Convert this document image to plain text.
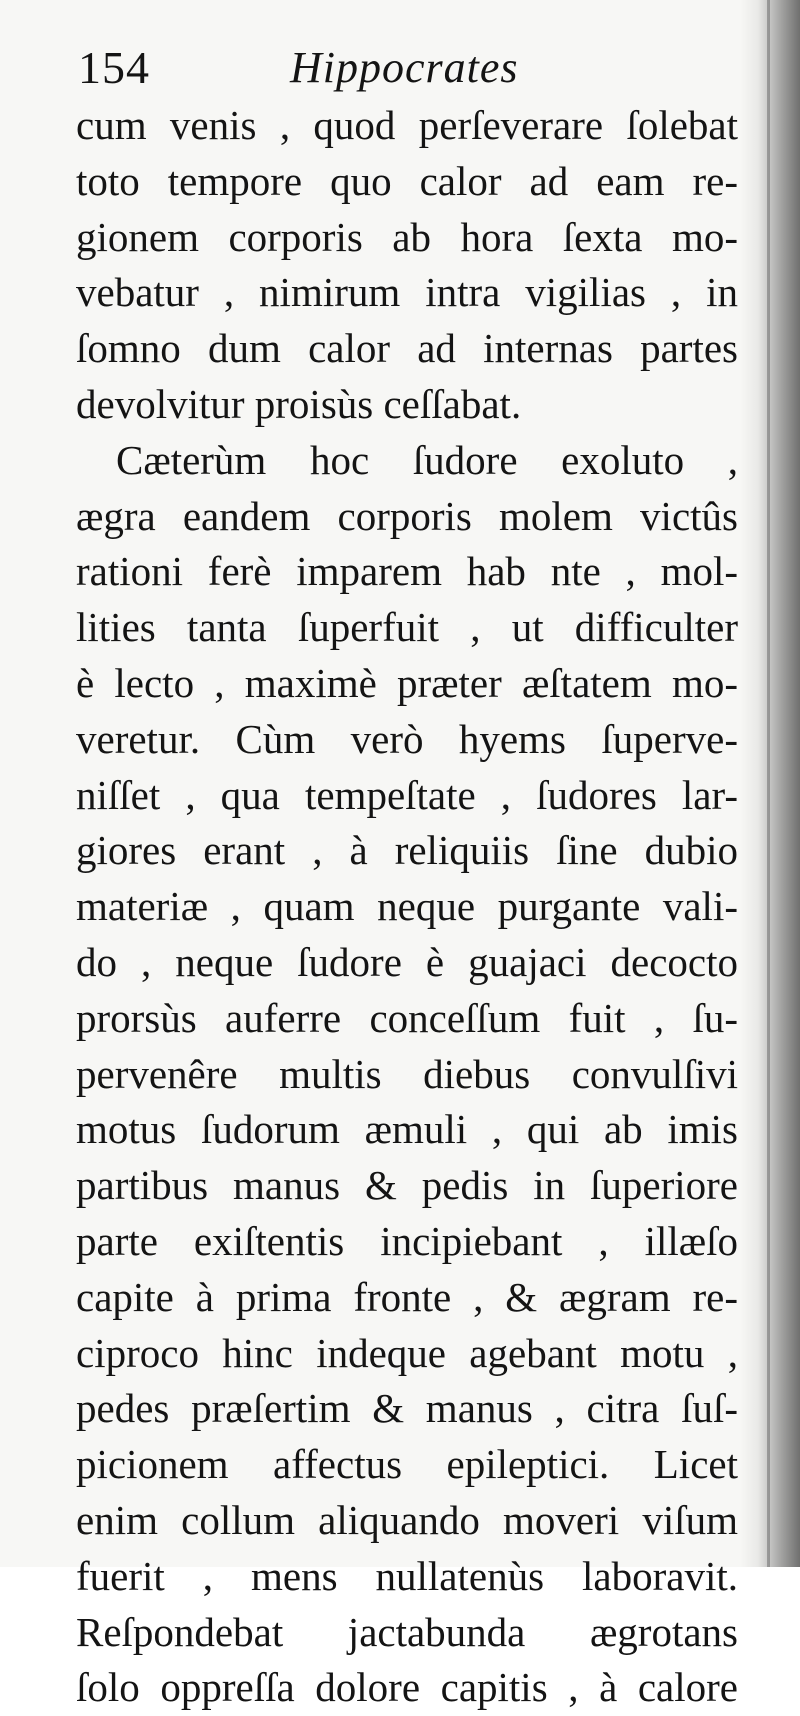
154	Hippocrates
cum venis , quod perſeverare ſolebat
toto tempore quo calor ad eam re-
gionem corporis ab hora ſexta mo-
vebatur , nimirum intra vigilias , in
ſomno dum calor ad internas partes
devolvitur proisùs ceſſabat.
Cæterùm hoc ſudore exoluto ,
ægra eandem corporis molem victûs
rationi ferè imparem hab nte , mol-
lities tanta ſuperfuit , ut difficulter
è lecto , maximè præter æſtatem mo-
veretur. Cùm verò hyems ſuperve-
niſſet , qua tempeſtate , ſudores lar-
giores erant , à reliquiis ſine dubio
materiæ , quam neque purgante vali-
do , neque ſudore è guajaci decocto
prorsùs auferre conceſſum fuit , ſu-
pervenêre multis diebus convulſivi
motus ſudorum æmuli , qui ab imis
partibus manus & pedis in ſuperiore
parte exiſtentis incipiebant , illæſo
capite à prima fronte , & ægram re-
ciproco hinc indeque agebant motu ,
pedes præſertim & manus , citra ſuſ-
picionem affectus epileptici. Licet
enim collum aliquando moveri viſum
fuerit , mens nullatenùs laboravit.
Reſpondebat jactabunda ægrotans
ſolo oppreſſa dolore capitis , à calore
